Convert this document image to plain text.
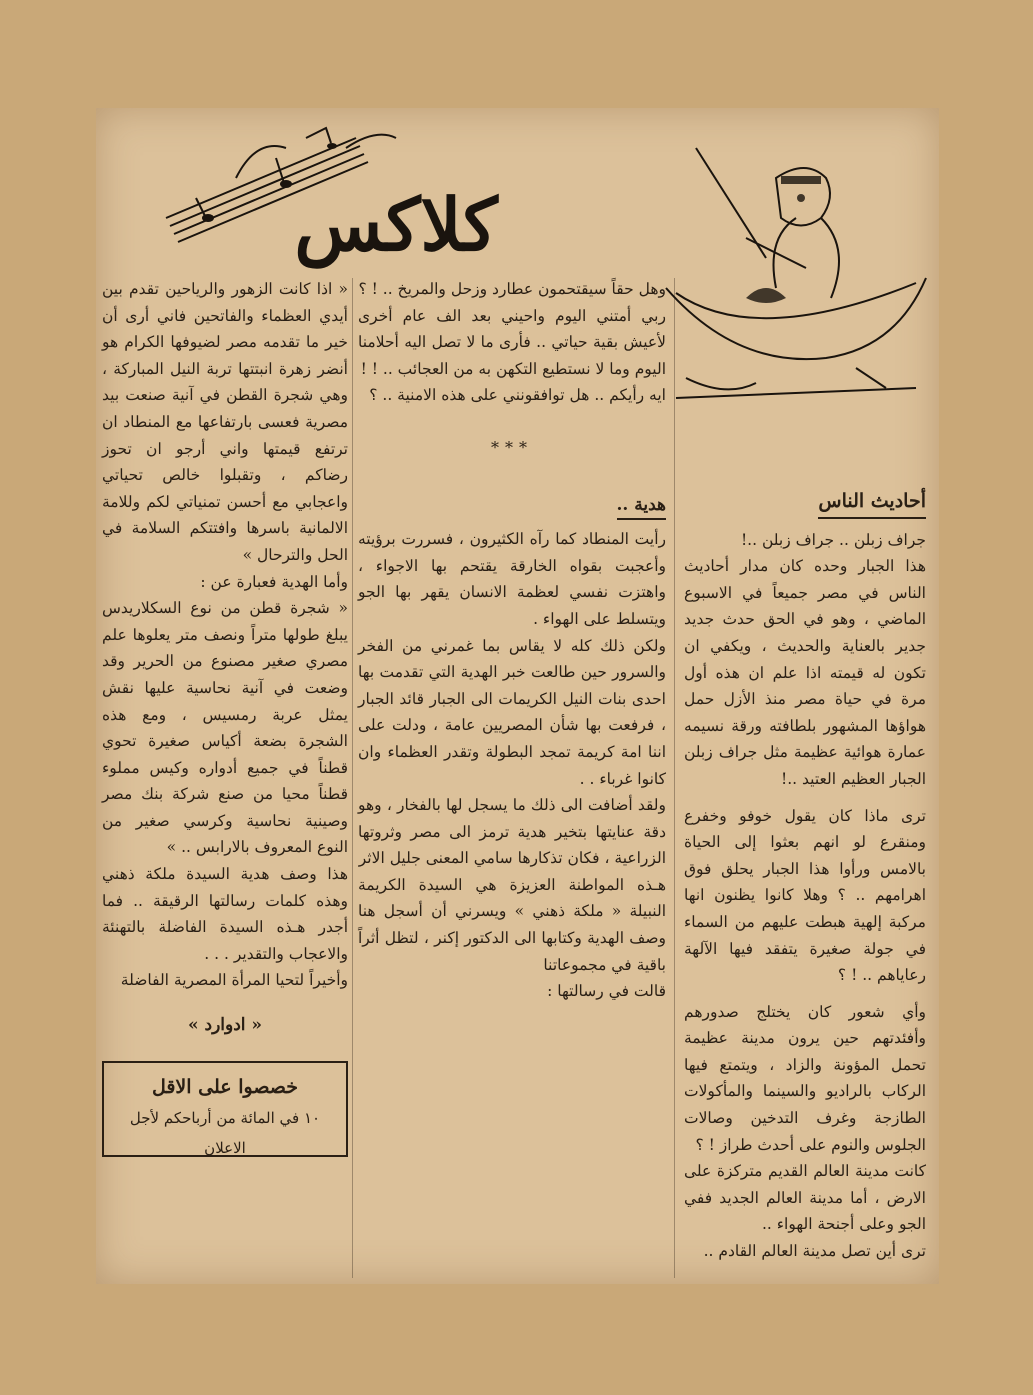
كلاكس
أحاديث الناس

جراف زبلن .. جراف زبلن ..!

هذا الجبار وحده كان مدار أحاديث الناس في مصر جميعاً في الاسبوع الماضي ، وهو في الحق حدث جديد جدير بالعناية والحديث ، ويكفي ان تكون له قيمته اذا علم ان هذه أول مرة في حياة مصر منذ الأزل حمل هواؤها المشهور بلطافته ورقة نسيمه عمارة هوائية عظيمة مثل جراف زبلن الجبار العظيم العتيد ..!

ترى ماذا كان يقول خوفو وخفرع ومنقرع لو انهم بعثوا إلى الحياة بالامس ورأوا هذا الجبار يحلق فوق اهرامهم .. ؟ وهلا كانوا يظنون انها مركبة إلهية هبطت عليهم من السماء في جولة صغيرة يتفقد فيها الآلهة رعاياهم .. ! ؟

وأي شعور كان يختلج صدورهم وأفئدتهم حين يرون مدينة عظيمة تحمل المؤونة والزاد ، ويتمتع فيها الركاب بالراديو والسينما والمأكولات الطازجة وغرف التدخين وصالات الجلوس والنوم على أحدث طراز ! ؟

كانت مدينة العالم القديم متركزة على الارض ، أما مدينة العالم الجديد ففي الجو وعلى أجنحة الهواء ..

ترى أين تصل مدينة العالم القادم ..

وهل حقاً سيقتحمون عطارد وزحل والمريخ .. ! ؟

ربي أمتني اليوم واحيني بعد الف عام أخرى لأعيش بقية حياتي .. فأرى ما لا تصل اليه أحلامنا اليوم وما لا نستطيع التكهن به من العجائب .. ! !

ايه رأيكم .. هل توافقونني على هذه الامنية .. ؟

***
هدية ..

رأيت المنطاد كما رآه الكثيرون ، فسررت برؤيته وأعجبت بقواه الخارقة يقتحم بها الاجواء ، واهتزت نفسي لعظمة الانسان يقهر بها الجو ويتسلط على الهواء .

ولكن ذلك كله لا يقاس بما غمرني من الفخر والسرور حين طالعت خبر الهدية التي تقدمت بها احدى بنات النيل الكريمات الى الجبار قائد الجبار ، فرفعت بها شأن المصريين عامة ، ودلت على اننا امة كريمة تمجد البطولة وتقدر العظماء وان كانوا غرباء . .

ولقد أضافت الى ذلك ما يسجل لها بالفخار ، وهو دقة عنايتها بتخير هدية ترمز الى مصر وثروتها الزراعية ، فكان تذكارها سامي المعنى جليل الاثر

هـذه المواطنة العزيزة هي السيدة الكريمة النبيلة « ملكة ذهني » ويسرني أن أسجل هنا وصف الهدية وكتابها الى الدكتور إكنر ، لتظل أثراً باقية في مجموعاتنا

قالت في رسالتها :

« اذا كانت الزهور والرياحين تقدم بين أيدي العظماء والفاتحين فاني أرى أن خير ما تقدمه مصر لضيوفها الكرام هو أنضر زهرة انبتتها تربة النيل المباركة ، وهي شجرة القطن في آنية صنعت بيد مصرية فعسى بارتفاعها مع المنطاد ان ترتفع قيمتها واني أرجو ان تحوز رضاكم ، وتقبلوا خالص تحياتي واعجابي مع أحسن تمنياتي لكم وللامة الالمانية باسرها وافتتكم السلامة في الحل والترحال »

وأما الهدية فعبارة عن :

« شجرة قطن من نوع السكلاريدس يبلغ طولها متراً ونصف متر يعلوها علم مصري صغير مصنوع من الحرير وقد وضعت في آنية نحاسية عليها نقش يمثل عربة رمسيس ، ومع هذه الشجرة بضعة أكياس صغيرة تحوي قطناً في جميع أدواره وكيس مملوء قطناً محيا من صنع شركة بنك مصر وصينية نحاسية وكرسي صغير من النوع المعروف بالارابس .. »

هذا وصف هدية السيدة ملكة ذهني وهذه كلمات رسالتها الرقيقة .. فما أجدر هـذه السيدة الفاضلة بالتهنئة والاعجاب والتقدير . . .

وأخيراً لتحيا المرأة المصرية الفاضلة

« ادوارد »
خصصوا على الاقل
١٠ في المائة من أرباحكم لأجل الاعلان
